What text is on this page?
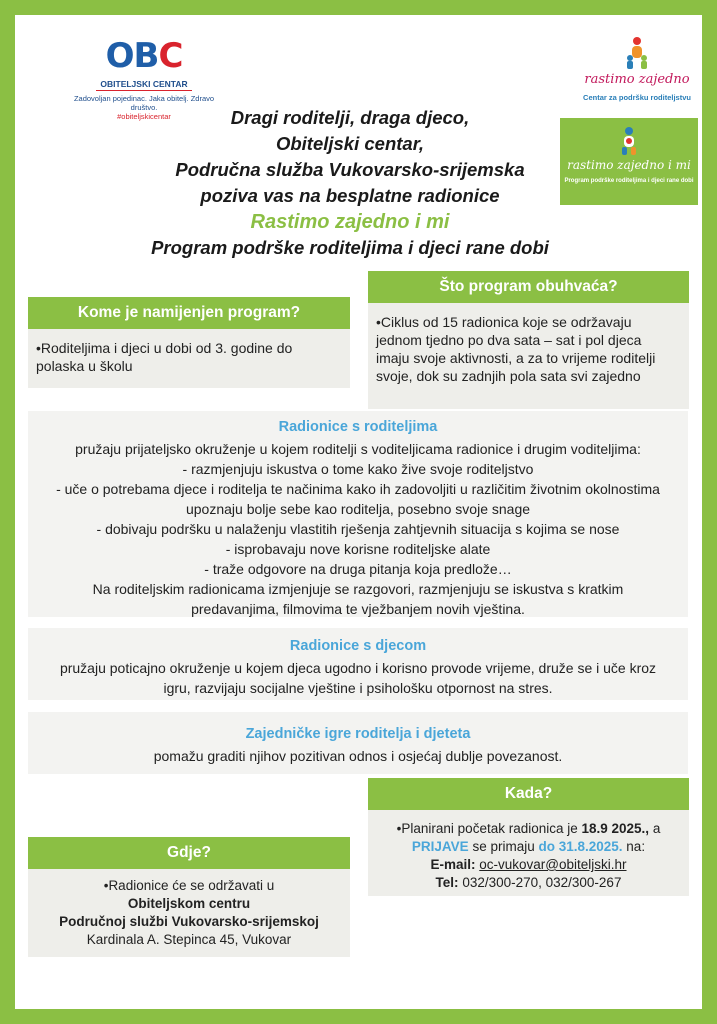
OBC
OBITELJSKI CENTAR
Zadovoljan pojedinac. Jaka obitelj. Zdravo društvo.
#obiteljskicentar
rastimo zajedno
Centar za podršku roditeljstvu
rastimo zajedno i mi
Program podrške roditeljima i djeci rane dobi
Dragi roditelji, draga djeco,
Obiteljski centar,
Područna služba Vukovarsko-srijemska
poziva vas na besplatne radionice
Rastimo zajedno i mi
Program podrške roditeljima i djeci rane dobi
Kome je namijenjen program?
• Roditeljima i djeci u dobi od 3. godine do polaska u školu
Što program obuhvaća?
• Ciklus od 15 radionica koje se održavaju jednom tjedno po dva sata – sat i pol djeca imaju svoje aktivnosti, a za to vrijeme roditelji svoje, dok su zadnjih pola sata svi zajedno
Radionice s roditeljima
pružaju prijateljsko okruženje u kojem roditelji s voditeljicama radionice i drugim voditeljima:
- razmjenjuju iskustva o tome kako žive svoje roditeljstvo
- uče o potrebama djece i roditelja te načinima kako ih zadovoljiti u različitim životnim okolnostima
upoznaju bolje sebe kao roditelja, posebno svoje snage
- dobivaju podršku u nalaženju vlastitih rješenja zahtjevnih situacija s kojima se nose
- isprobavaju nove korisne roditeljske alate
- traže odgovore na druga pitanja koja predlože…
Na roditeljskim radionicama izmjenjuje se razgovori, razmjenjuju se iskustva s kratkim
predavanjima, filmovima te vježbanjem novih vještina.
Radionice s djecom
pružaju poticajno okruženje u kojem djeca ugodno i korisno provode vrijeme, druže se i uče kroz
igru, razvijaju socijalne vještine i psihološku otpornost na stres.
Zajedničke igre roditelja i djeteta
pomažu graditi njihov pozitivan odnos i osjećaj dublje povezanost.
Kada?
• Planirani početak radionica je 18.9 2025., a
PRIJAVE se primaju do 31.8.2025. na:
E-mail: oc-vukovar@obiteljski.hr
Tel: 032/300-270, 032/300-267
Gdje?
• Radionice će se održavati u
Obiteljskom centru
Područnoj službi Vukovarsko-srijemskoj
Kardinala A. Stepinca 45, Vukovar
